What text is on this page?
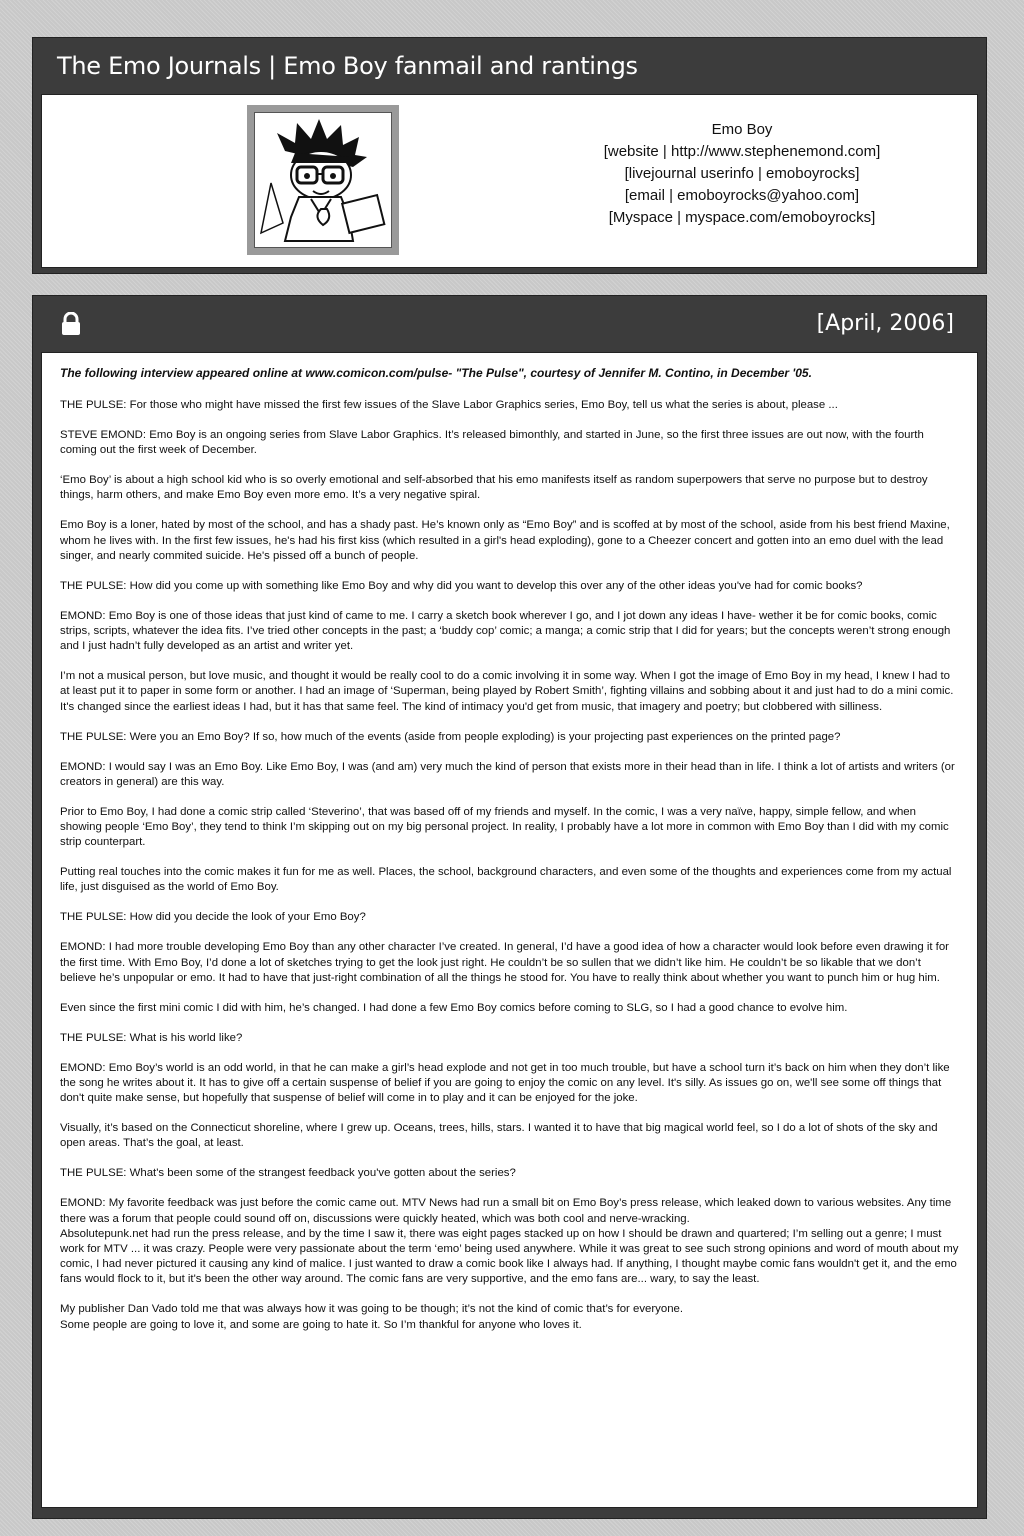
The Emo Journals | Emo Boy fanmail and rantings
Emo Boy
[website | http://www.stephenemond.com]
[livejournal userinfo | emoboyrocks]
[email | emoboyrocks@yahoo.com]
[Myspace | myspace.com/emoboyrocks]
[April, 2006]

The following interview appeared online at www.comicon.com/pulse- "The Pulse", courtesy of Jennifer M. Contino, in December '05.

THE PULSE: For those who might have missed the first few issues of the Slave Labor Graphics series, Emo Boy, tell us what the series is about, please ...

STEVE EMOND: Emo Boy is an ongoing series from Slave Labor Graphics. It’s released bimonthly, and started in June, so the first three issues are out now, with the fourth coming out the first week of December.

‘Emo Boy’ is about a high school kid who is so overly emotional and self-absorbed that his emo manifests itself as random superpowers that serve no purpose but to destroy things, harm others, and make Emo Boy even more emo. It’s a very negative spiral.

Emo Boy is a loner, hated by most of the school, and has a shady past. He’s known only as “Emo Boy” and is scoffed at by most of the school, aside from his best friend Maxine, whom he lives with. In the first few issues, he's had his first kiss (which resulted in a girl's head exploding), gone to a Cheezer concert and gotten into an emo duel with the lead singer, and nearly commited suicide. He's pissed off a bunch of people.

THE PULSE: How did you come up with something like Emo Boy and why did you want to develop this over any of the other ideas you've had for comic books?

EMOND: Emo Boy is one of those ideas that just kind of came to me. I carry a sketch book wherever I go, and I jot down any ideas I have- wether it be for comic books, comic strips, scripts, whatever the idea fits. I’ve tried other concepts in the past; a ‘buddy cop’ comic; a manga; a comic strip that I did for years; but the concepts weren’t strong enough and I just hadn’t fully developed as an artist and writer yet.

I’m not a musical person, but love music, and thought it would be really cool to do a comic involving it in some way. When I got the image of Emo Boy in my head, I knew I had to at least put it to paper in some form or another. I had an image of ‘Superman, being played by Robert Smith’, fighting villains and sobbing about it and just had to do a mini comic. It's changed since the earliest ideas I had, but it has that same feel. The kind of intimacy you'd get from music, that imagery and poetry; but clobbered with silliness.

THE PULSE: Were you an Emo Boy? If so, how much of the events (aside from people exploding) is your projecting past experiences on the printed page?

EMOND: I would say I was an Emo Boy. Like Emo Boy, I was (and am) very much the kind of person that exists more in their head than in life. I think a lot of artists and writers (or creators in general) are this way.

Prior to Emo Boy, I had done a comic strip called ‘Steverino’, that was based off of my friends and myself. In the comic, I was a very naïve, happy, simple fellow, and when showing people ‘Emo Boy’, they tend to think I’m skipping out on my big personal project. In reality, I probably have a lot more in common with Emo Boy than I did with my comic strip counterpart.

Putting real touches into the comic makes it fun for me as well. Places, the school, background characters, and even some of the thoughts and experiences come from my actual life, just disguised as the world of Emo Boy.

THE PULSE: How did you decide the look of your Emo Boy?

EMOND: I had more trouble developing Emo Boy than any other character I’ve created. In general, I’d have a good idea of how a character would look before even drawing it for the first time. With Emo Boy, I’d done a lot of sketches trying to get the look just right. He couldn’t be so sullen that we didn’t like him. He couldn’t be so likable that we don’t believe he’s unpopular or emo. It had to have that just-right combination of all the things he stood for. You have to really think about whether you want to punch him or hug him.

Even since the first mini comic I did with him, he’s changed. I had done a few Emo Boy comics before coming to SLG, so I had a good chance to evolve him.

THE PULSE: What is his world like?

EMOND: Emo Boy’s world is an odd world, in that he can make a girl’s head explode and not get in too much trouble, but have a school turn it’s back on him when they don’t like the song he writes about it. It has to give off a certain suspense of belief if you are going to enjoy the comic on any level. It's silly. As issues go on, we'll see some off things that don't quite make sense, but hopefully that suspense of belief will come in to play and it can be enjoyed for the joke.

Visually, it’s based on the Connecticut shoreline, where I grew up. Oceans, trees, hills, stars. I wanted it to have that big magical world feel, so I do a lot of shots of the sky and open areas. That’s the goal, at least.

THE PULSE: What's been some of the strangest feedback you've gotten about the series?

EMOND: My favorite feedback was just before the comic came out. MTV News had run a small bit on Emo Boy’s press release, which leaked down to various websites. Any time there was a forum that people could sound off on, discussions were quickly heated, which was both cool and nerve-wracking.
Absolutepunk.net had run the press release, and by the time I saw it, there was eight pages stacked up on how I should be drawn and quartered; I’m selling out a genre; I must work for MTV ... it was crazy. People were very passionate about the term ‘emo’ being used anywhere. While it was great to see such strong opinions and word of mouth about my comic, I had never pictured it causing any kind of malice. I just wanted to draw a comic book like I always had. If anything, I thought maybe comic fans wouldn't get it, and the emo fans would flock to it, but it's been the other way around. The comic fans are very supportive, and the emo fans are... wary, to say the least.

My publisher Dan Vado told me that was always how it was going to be though; it’s not the kind of comic that’s for everyone.
Some people are going to love it, and some are going to hate it. So I’m thankful for anyone who loves it.
